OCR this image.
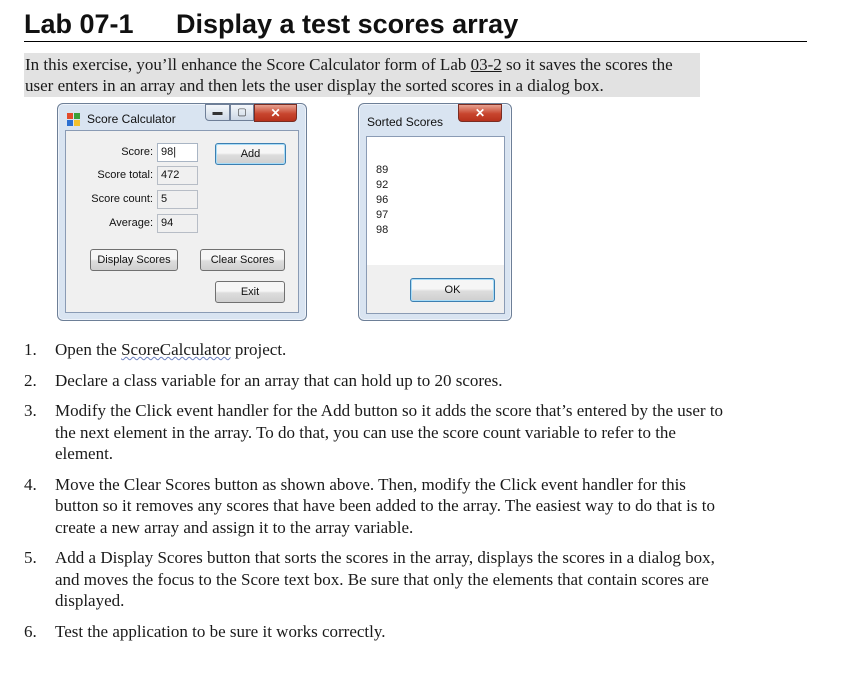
Lab 07-1 Display a test scores array
In this exercise, you’ll enhance the Score Calculator form of Lab 03-2 so it saves the scores the user enters in an array and then lets the user display the sorted scores in a dialog box.
Score Calculator	▬	▢	✕
Score: 98|	Add
Score total: 472
Score count: 5
Average: 94
Display Scores	Clear Scores
Exit
Sorted Scores
✕
89
92
96
97
98
OK
1. Open the ScoreCalculator project.
2. Declare a class variable for an array that can hold up to 20 scores.
3. Modify the Click event handler for the Add button so it adds the score that’s entered by the user to the next element in the array. To do that, you can use the score count variable to refer to the element.
4. Move the Clear Scores button as shown above. Then, modify the Click event handler for this button so it removes any scores that have been added to the array. The easiest way to do that is to create a new array and assign it to the array variable.
5. Add a Display Scores button that sorts the scores in the array, displays the scores in a dialog box, and moves the focus to the Score text box. Be sure that only the elements that contain scores are displayed.
6. Test the application to be sure it works correctly.
